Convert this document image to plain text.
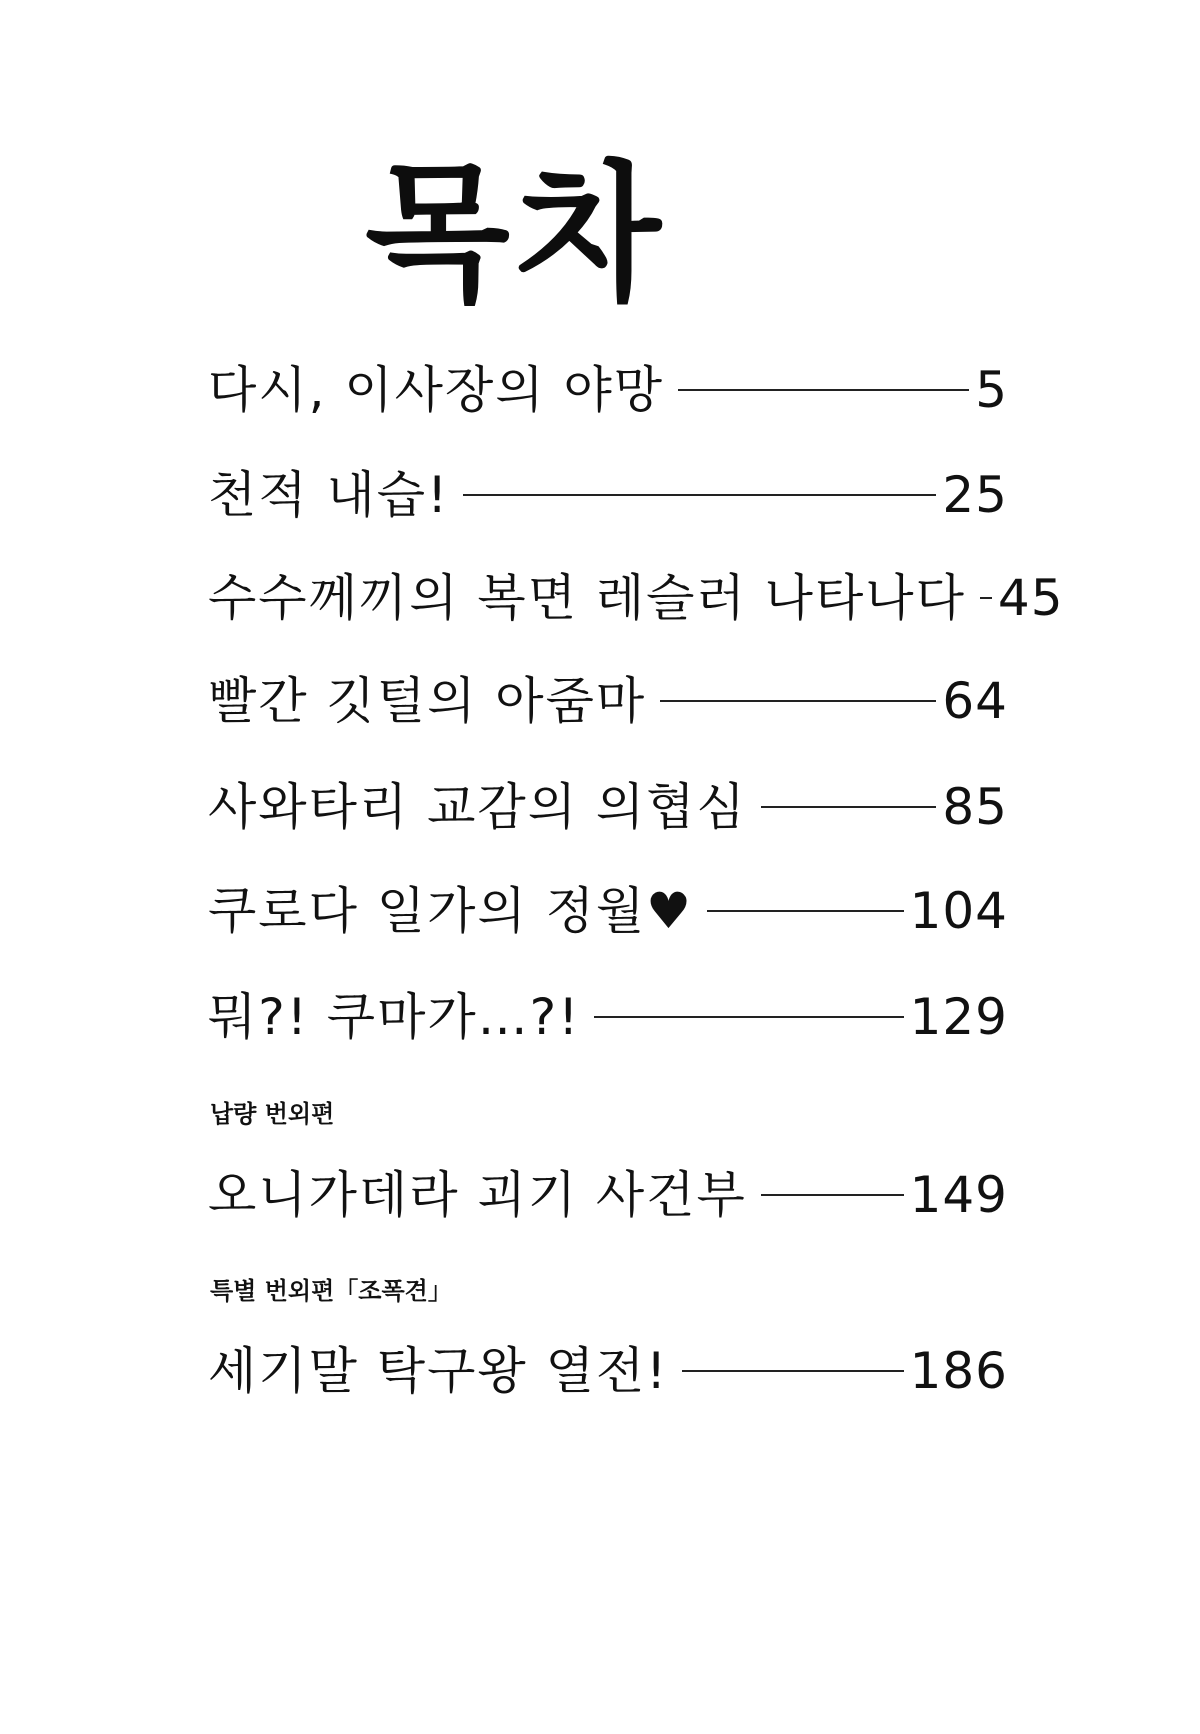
목차
다시, 이사장의 야망	5
천적 내습!	25
수수께끼의 복면 레슬러 나타나다 45
빨간 깃털의 아줌마	64
사와타리 교감의 의협심	85
쿠로다 일가의 정월♥	104
뭐?! 쿠마가…?!	129
납량 번외편
오니가데라 괴기 사건부	149
특별 번외편「조폭견」
세기말 탁구왕 열전!	186
